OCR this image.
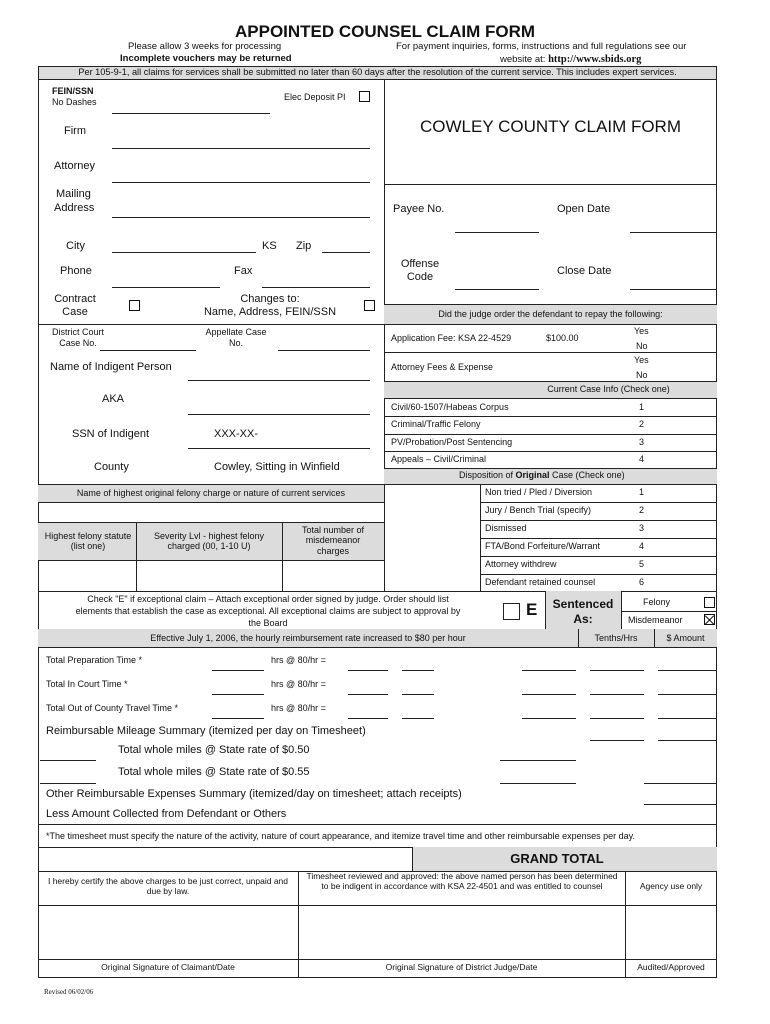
APPOINTED COUNSEL CLAIM FORM
Please allow 3 weeks for processing
Incomplete vouchers may be returned
For payment inquiries, forms, instructions and full regulations see our
website at: http://www.sbids.org
Per 105-9-1, all claims for services shall be submitted no later than 60 days after the resolution of the current service. This includes expert services.
FEIN/SSN
No Dashes	Elec Deposit PI
Firm
Attorney
Mailing
Address
City	KS Zip
Phone	Fax
Contract
Case
Changes to:
Name, Address, FEIN/SSN
COWLEY COUNTY CLAIM FORM
Payee No.	Open Date
Offense
Code	Close Date
Did the judge order the defendant to repay the following:
Application Fee: KSA 22-4529	$100.00
Yes
No
Attorney Fees & Expense
Yes
No
Current Case Info (Check one)
Civil/60-1507/Habeas Corpus	1
Criminal/Traffic Felony	2
PV/Probation/Post Sentencing	3
Appeals – Civil/Criminal	4
Disposition of Original Case (Check one)
Non tried / Pled / Diversion	1
Jury / Bench Trial (specify)	2
Dismissed	3
FTA/Bond Forfeiture/Warrant	4
Attorney withdrew	5
Defendant retained counsel	6
District Court
Case No.
Appellate Case
No.
Name of Indigent Person
AKA
SSN of Indigent	XXX-XX-
County	Cowley, Sitting in Winfield
Name of highest original felony charge or nature of current services
Highest felony statute (list one)
Severity Lvl - highest felony charged (00, 1-10 U)
Total number of misdemeanor charges
Check "E" if exceptional claim – Attach exceptional order signed by judge. Order should list
elements that establish the case as exceptional. All exceptional claims are subject to approval by
the Board
E	Sentenced
As:
Felony
Misdemeanor
Effective July 1, 2006, the hourly reimbursement rate increased to $80 per hour	Tenths/Hrs	$ Amount
Total Preparation Time *	hrs @ 80/hr =
Total In Court Time *	hrs @ 80/hr =
Total Out of County Travel Time *	hrs @ 80/hr =
Reimbursable Mileage Summary (itemized per day on Timesheet)
Total whole miles @ State rate of $0.50
Total whole miles @ State rate of $0.55
Other Reimbursable Expenses Summary (itemized/day on timesheet; attach receipts)
Less Amount Collected from Defendant or Others
*The timesheet must specify the nature of the activity, nature of court appearance, and itemize travel time and other reimbursable expenses per day.
GRAND TOTAL
I hereby certify the above charges to be just correct, unpaid and due by law.
Timesheet reviewed and approved: the above named person has been determined to be indigent in accordance with KSA 22-4501 and was entitled to counsel	Agency use only
Original Signature of Claimant/Date	Original Signature of District Judge/Date	Audited/Approved
Revised 06/02/06
